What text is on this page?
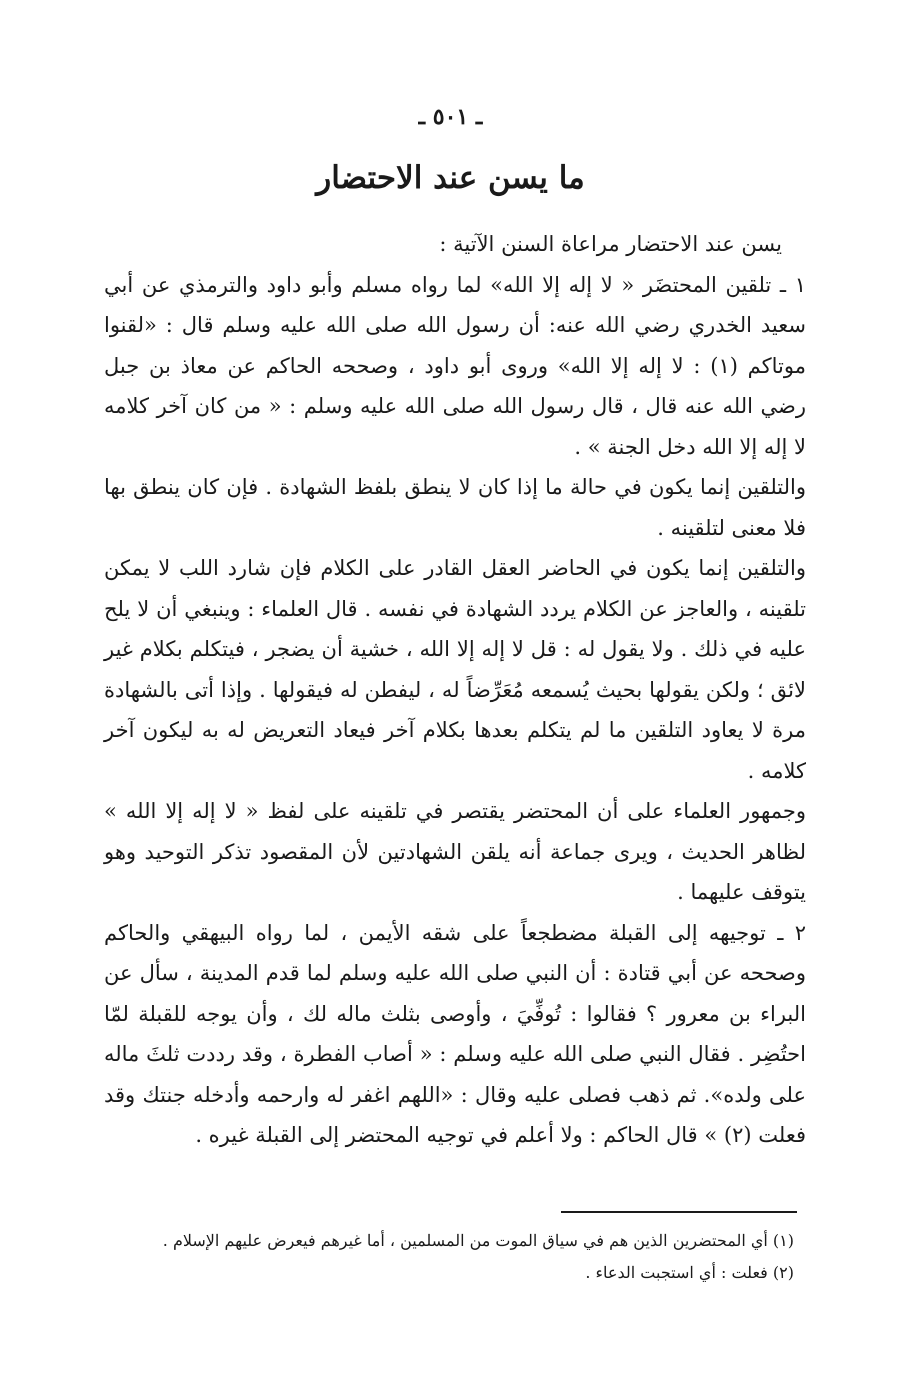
ـ ٥٠١ ـ
ما يسن عند الاحتضار

يسن عند الاحتضار مراعاة السنن الآتية :

١ ـ تلقين المحتضَر « لا إله إلا الله» لما رواه مسلم وأبو داود والترمذي عن أبي سعيد الخدري رضي الله عنه: أن رسول الله صلى الله عليه وسلم قال : «لقنوا موتاكم (١) : لا إله إلا الله» وروى أبو داود ، وصححه الحاكم عن معاذ بن جبل رضي الله عنه قال ، قال رسول الله صلى الله عليه وسلم : « من كان آخر كلامه لا إله إلا الله دخل الجنة » .

والتلقين إنما يكون في حالة ما إذا كان لا ينطق بلفظ الشهادة . فإن كان ينطق بها فلا معنى لتلقينه .

والتلقين إنما يكون في الحاضر العقل القادر على الكلام فإن شارد اللب لا يمكن تلقينه ، والعاجز عن الكلام يردد الشهادة في نفسه . قال العلماء : وينبغي أن لا يلح عليه في ذلك . ولا يقول له : قل لا إله إلا الله ، خشية أن يضجر ، فيتكلم بكلام غير لائق ؛ ولكن يقولها بحيث يُسمعه مُعَرِّضاً له ، ليفطن له فيقولها . وإذا أتى بالشهادة مرة لا يعاود التلقين ما لم يتكلم بعدها بكلام آخر فيعاد التعريض له به ليكون آخر كلامه .

وجمهور العلماء على أن المحتضر يقتصر في تلقينه على لفظ « لا إله إلا الله » لظاهر الحديث ، ويرى جماعة أنه يلقن الشهادتين لأن المقصود تذكر التوحيد وهو يتوقف عليهما .

٢ ـ توجيهه إلى القبلة مضطجعاً على شقه الأيمن ، لما رواه البيهقي والحاكم وصححه عن أبي قتادة : أن النبي صلى الله عليه وسلم لما قدم المدينة ، سأل عن البراء بن معرور ؟ فقالوا : تُوفِّيَ ، وأوصى بثلث ماله لك ، وأن يوجه للقبلة لمّا احتُضِر . فقال النبي صلى الله عليه وسلم : « أصاب الفطرة ، وقد رددت ثلثَ ماله على ولده». ثم ذهب فصلى عليه وقال : «اللهم اغفر له وارحمه وأدخله جنتك وقد فعلت (٢) » قال الحاكم : ولا أعلم في توجيه المحتضر إلى القبلة غيره .

(١) أي المحتضرين الذين هم في سياق الموت من المسلمين ، أما غيرهم فيعرض عليهم الإسلام .

(٢) فعلت : أي استجبت الدعاء .
